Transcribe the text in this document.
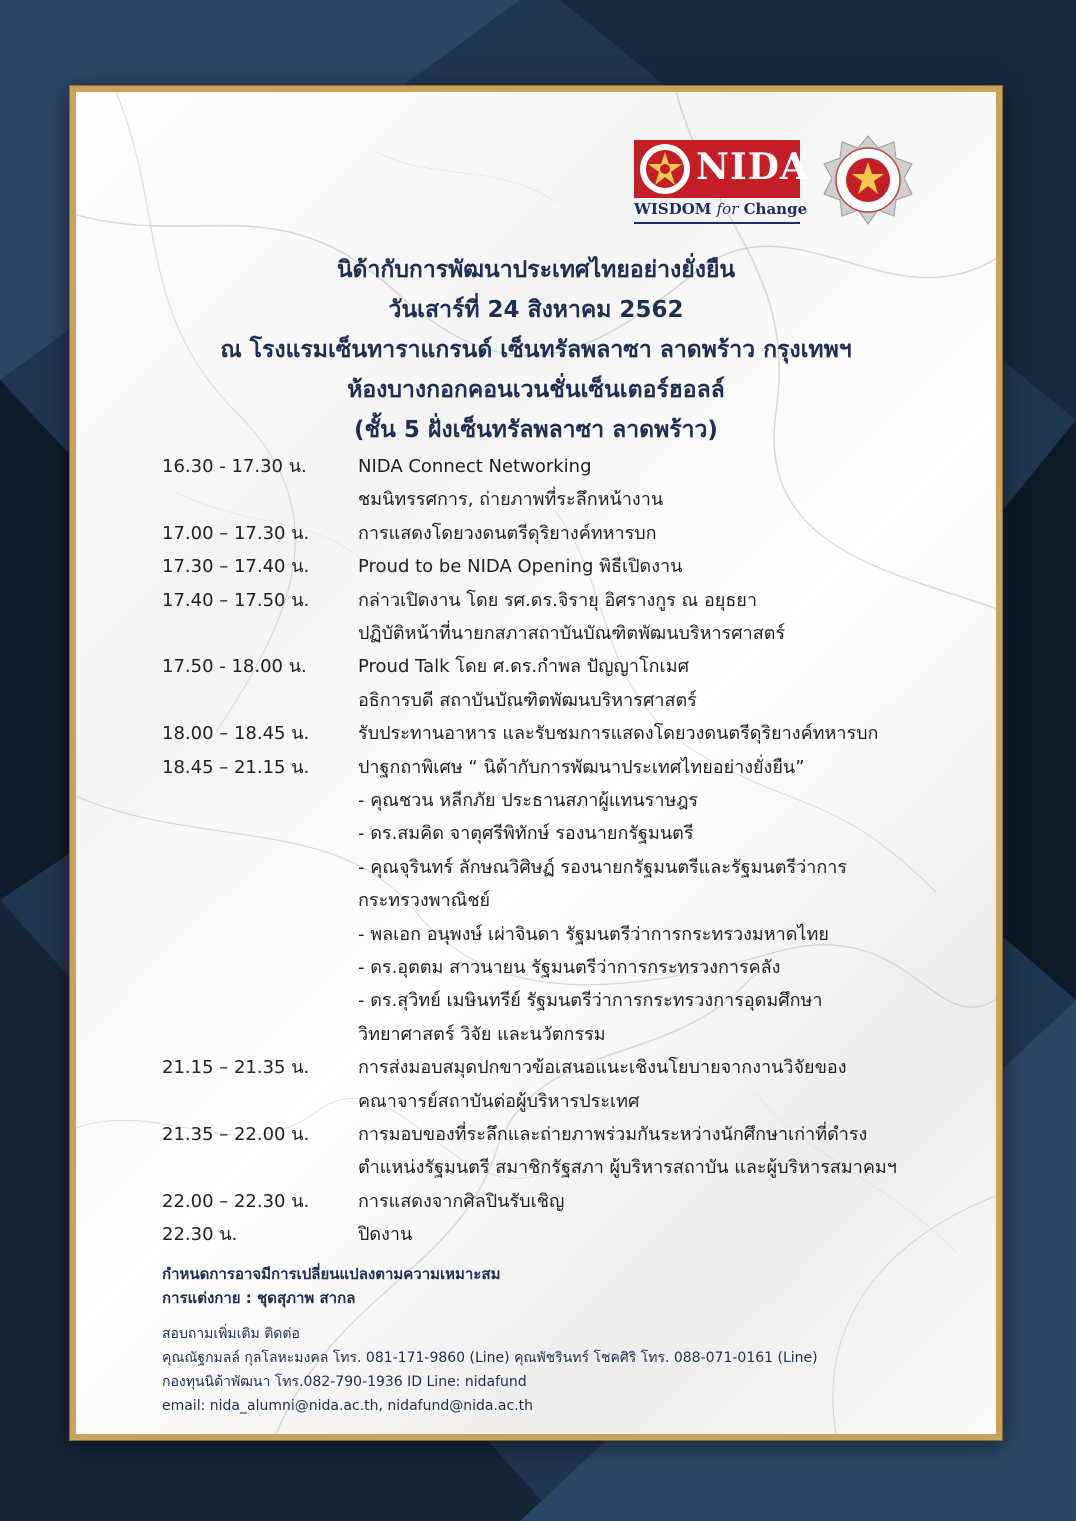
NIDA
WISDOM for Change
นิด้ากับการพัฒนาประเทศไทยอย่างยั่งยืน
วันเสาร์ที่ 24 สิงหาคม 2562
ณ โรงแรมเซ็นทาราแกรนด์ เซ็นทรัลพลาซา ลาดพร้าว กรุงเทพฯ
ห้องบางกอกคอนเวนชั่นเซ็นเตอร์ฮอลล์
(ชั้น 5 ฝั่งเซ็นทรัลพลาซา ลาดพร้าว)
16.30 - 17.30 น.	NIDA Connect Networking
ชมนิทรรศการ, ถ่ายภาพที่ระลึกหน้างาน
17.00 – 17.30 น.	การแสดงโดยวงดนตรีดุริยางค์ทหารบก
17.30 – 17.40 น.	Proud to be NIDA Opening พิธีเปิดงาน
17.40 – 17.50 น.	กล่าวเปิดงาน โดย รศ.ดร.จิรายุ อิศรางกูร ณ อยุธยา
ปฏิบัติหน้าที่นายกสภาสถาบันบัณฑิตพัฒนบริหารศาสตร์
17.50 - 18.00 น.	Proud Talk โดย ศ.ดร.กำพล ปัญญาโกเมศ
อธิการบดี สถาบันบัณฑิตพัฒนบริหารศาสตร์
18.00 – 18.45 น.	รับประทานอาหาร และรับชมการแสดงโดยวงดนตรีดุริยางค์ทหารบก
18.45 – 21.15 น.	ปาฐกถาพิเศษ “ นิด้ากับการพัฒนาประเทศไทยอย่างยั่งยืน”
- คุณชวน หลีกภัย ประธานสภาผู้แทนราษฎร
- ดร.สมคิด จาตุศรีพิทักษ์ รองนายกรัฐมนตรี
- คุณจุรินทร์ ลักษณวิศิษฏ์ รองนายกรัฐมนตรีและรัฐมนตรีว่าการ
กระทรวงพาณิชย์
- พลเอก อนุพงษ์ เผ่าจินดา รัฐมนตรีว่าการกระทรวงมหาดไทย
- ดร.อุตตม สาวนายน รัฐมนตรีว่าการกระทรวงการคลัง
- ดร.สุวิทย์ เมษินทรีย์ รัฐมนตรีว่าการกระทรวงการอุดมศึกษา
วิทยาศาสตร์ วิจัย และนวัตกรรม
21.15 – 21.35 น.	การส่งมอบสมุดปกขาวข้อเสนอแนะเชิงนโยบายจากงานวิจัยของ
คณาจารย์สถาบันต่อผู้บริหารประเทศ
21.35 – 22.00 น.	การมอบของที่ระลึกและถ่ายภาพร่วมกันระหว่างนักศึกษาเก่าที่ดำรง
ตำแหน่งรัฐมนตรี สมาชิกรัฐสภา ผู้บริหารสถาบัน และผู้บริหารสมาคมฯ
22.00 – 22.30 น.	การแสดงจากศิลปินรับเชิญ
22.30 น.	ปิดงาน
กำหนดการอาจมีการเปลี่ยนแปลงตามความเหมาะสม
การแต่งกาย : ชุดสุภาพ สากล
สอบถามเพิ่มเติม ติดต่อ
คุณณัฐกมลล์ กุลโลหะมงคล โทร. 081-171-9860 (Line) คุณพัชรินทร์ โชคศิริ โทร. 088-071-0161 (Line)
กองทุนนิด้าพัฒนา โทร.082-790-1936 ID Line: nidafund
email: nida_alumni@nida.ac.th, nidafund@nida.ac.th
